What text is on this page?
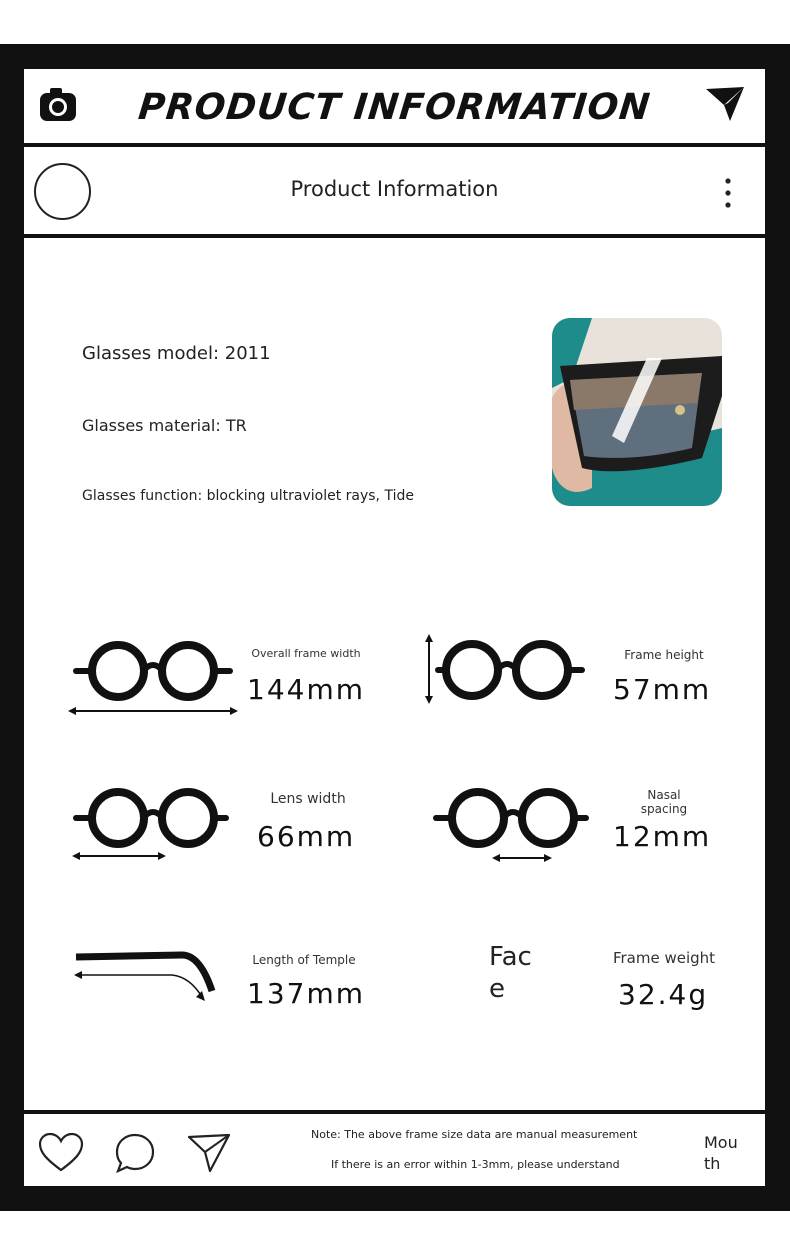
PRODUCT INFORMATION
Product Information
Glasses model: 2011
Glasses material: TR
Glasses function: blocking ultraviolet rays, Tide
Overall frame width
144mm
Frame height
57mm
Lens width
66mm
Nasal
spacing
12mm
Length of Temple
137mm
Fac
e
Frame weight
32.4g
Note: The above frame size data are manual measurement
If there is an error within 1-3mm, please understand
Mou
th
